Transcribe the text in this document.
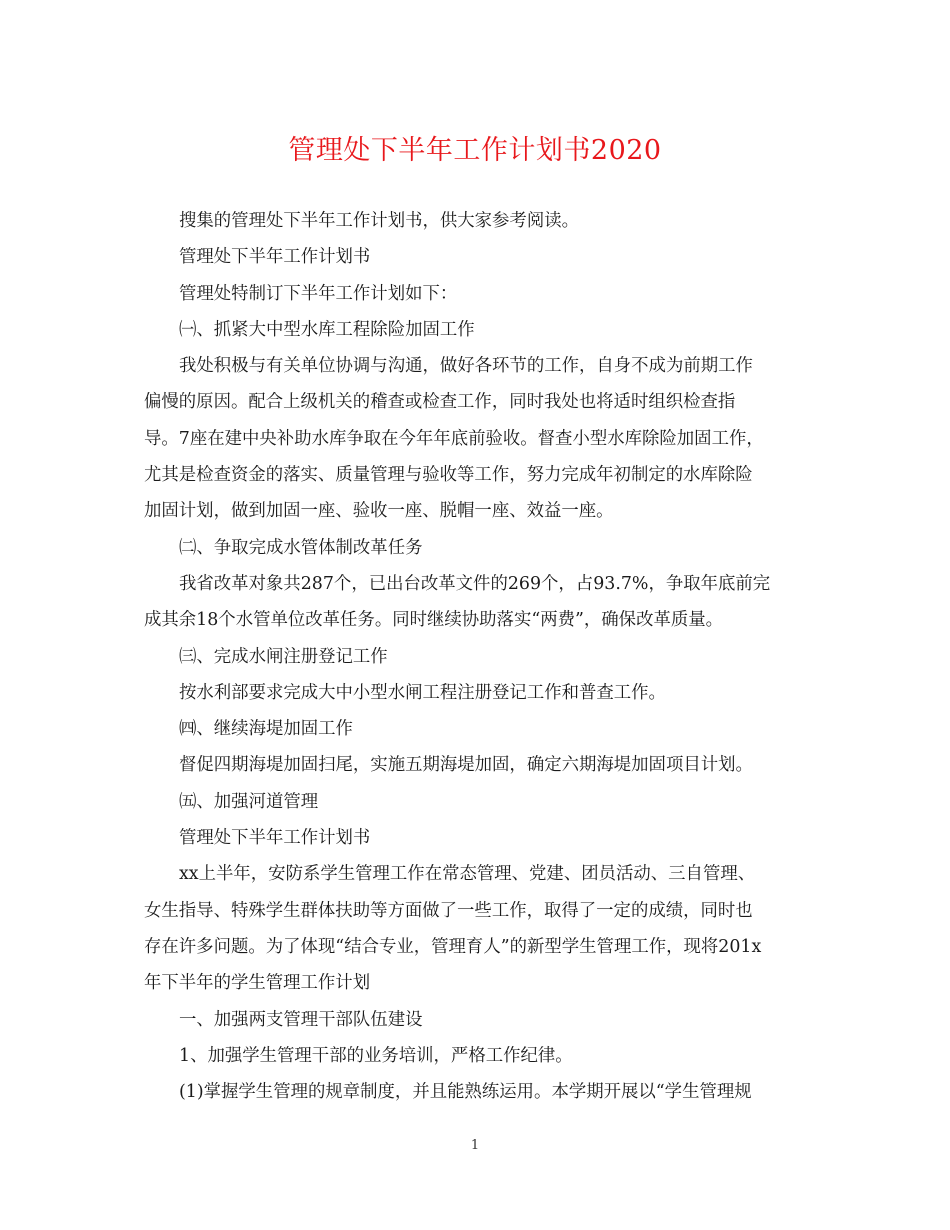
管理处下半年工作计划书2020

搜集的管理处下半年工作计划书，供大家参考阅读。

管理处下半年工作计划书

管理处特制订下半年工作计划如下：

㈠、抓紧大中型水库工程除险加固工作

我处积极与有关单位协调与沟通，做好各环节的工作，自身不成为前期工作

偏慢的原因。配合上级机关的稽查或检查工作，同时我处也将适时组织检查指

导。7座在建中央补助水库争取在今年年底前验收。督查小型水库除险加固工作，

尤其是检查资金的落实、质量管理与验收等工作，努力完成年初制定的水库除险

加固计划，做到加固一座、验收一座、脱帽一座、效益一座。

㈡、争取完成水管体制改革任务

我省改革对象共287个，已出台改革文件的269个，占93.7%，争取年底前完

成其余18个水管单位改革任务。同时继续协助落实“两费”，确保改革质量。

㈢、完成水闸注册登记工作

按水利部要求完成大中小型水闸工程注册登记工作和普查工作。

㈣、继续海堤加固工作

督促四期海堤加固扫尾，实施五期海堤加固，确定六期海堤加固项目计划。

㈤、加强河道管理

管理处下半年工作计划书

xx上半年，安防系学生管理工作在常态管理、党建、团员活动、三自管理、

女生指导、特殊学生群体扶助等方面做了一些工作，取得了一定的成绩，同时也

存在许多问题。为了体现“结合专业，管理育人”的新型学生管理工作，现将201x

年下半年的学生管理工作计划

一、加强两支管理干部队伍建设

1、加强学生管理干部的业务培训，严格工作纪律。

(1)掌握学生管理的规章制度，并且能熟练运用。本学期开展以“学生管理规

1
